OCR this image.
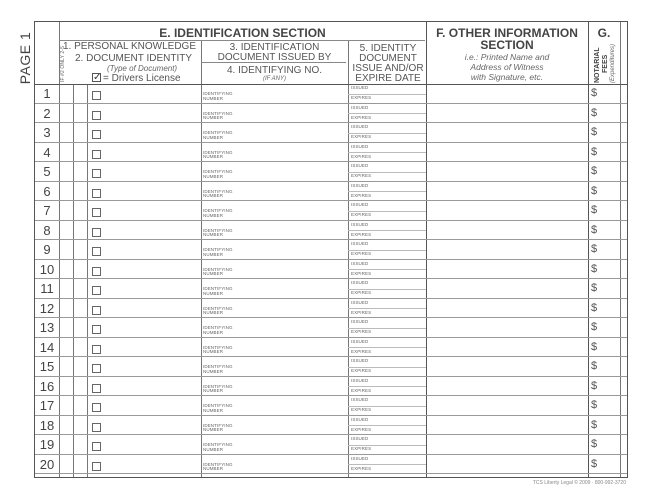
PAGE 1	E. IDENTIFICATION SECTION
1. PERSONAL KNOWLEDGE
2. DOCUMENT IDENTITY
(Type of Document)
✓ = Drivers License
IF #2 ONLY 2-5	3. IDENTIFICATION DOCUMENT ISSUED BY
4. IDENTIFYING NO.
(IF ANY)
5. IDENTITY DOCUMENT ISSUE AND/OR EXPIRE DATE
F. OTHER INFORMATION
SECTION
i.e.: Printed Name and
Address of Witness
with Signature, etc.
G.
NOTARIAL FEES (Expenditures)
1	IDENTIFYING
NUMBER
ISSUED
EXPIRES	$
2	IDENTIFYING
NUMBER
ISSUED
EXPIRES	$
3	IDENTIFYING
NUMBER
ISSUED
EXPIRES	$
4	IDENTIFYING
NUMBER
ISSUED
EXPIRES	$
5	IDENTIFYING
NUMBER
ISSUED
EXPIRES	$
6	IDENTIFYING
NUMBER
ISSUED
EXPIRES	$
7	IDENTIFYING
NUMBER
ISSUED
EXPIRES	$
8	IDENTIFYING
NUMBER
ISSUED
EXPIRES	$
9	IDENTIFYING
NUMBER
ISSUED
EXPIRES	$
10	IDENTIFYING
NUMBER
ISSUED
EXPIRES	$
11	IDENTIFYING
NUMBER
ISSUED
EXPIRES	$
12	IDENTIFYING
NUMBER
ISSUED
EXPIRES	$
13	IDENTIFYING
NUMBER
ISSUED
EXPIRES	$
14	IDENTIFYING
NUMBER
ISSUED
EXPIRES	$
15	IDENTIFYING
NUMBER
ISSUED
EXPIRES	$
16	IDENTIFYING
NUMBER
ISSUED
EXPIRES	$
17	IDENTIFYING
NUMBER
ISSUED
EXPIRES	$
18	IDENTIFYING
NUMBER
ISSUED
EXPIRES	$
19	IDENTIFYING
NUMBER
ISSUED
EXPIRES	$
20	IDENTIFYING
NUMBER
ISSUED
EXPIRES	$
TCS Liberty Legal © 2009 · 800-992-3720
